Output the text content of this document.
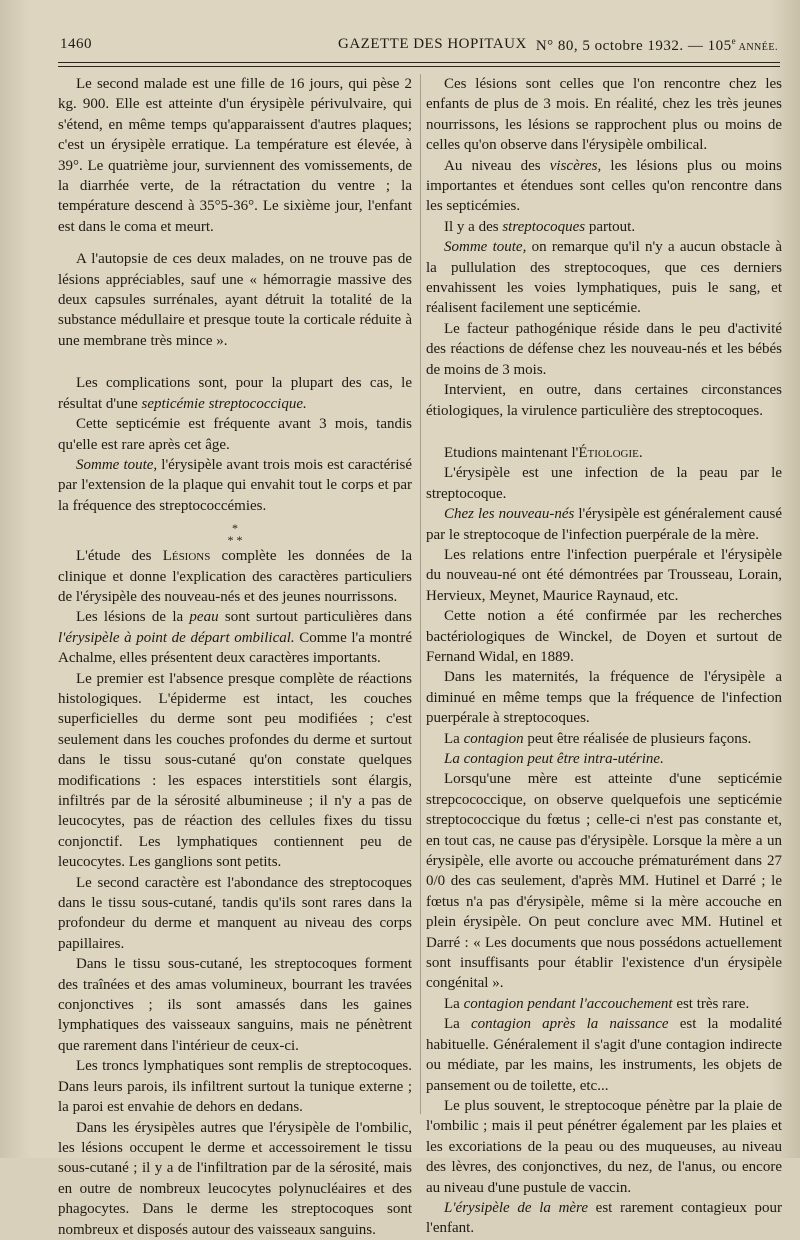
1460	GAZETTE DES HOPITAUX N° 80, 5 octobre 1932. — 105e ANNÉE.

Le second malade est une fille de 16 jours, qui pèse 2 kg. 900. Elle est atteinte d'un érysipèle périvulvaire, qui s'étend, en même temps qu'apparaissent d'autres plaques; c'est un érysipèle erratique. La température est élevée, à 39°. Le quatrième jour, surviennent des vomissements, de la diarrhée verte, de la rétractation du ventre ; la température descend à 35°5-36°. Le sixième jour, l'enfant est dans le coma et meurt.

A l'autopsie de ces deux malades, on ne trouve pas de lésions appréciables, sauf une « hémorragie massive des deux capsules surrénales, ayant détruit la totalité de la substance médullaire et presque toute la corticale réduite à une membrane très mince ».

Les complications sont, pour la plupart des cas, le résultat d'une septicémie streptococcique.

Cette septicémie est fréquente avant 3 mois, tandis qu'elle est rare après cet âge.

Somme toute, l'érysipèle avant trois mois est caractérisé par l'extension de la plaque qui envahit tout le corps et par la fréquence des streptococcémies.

*
* *

L'étude des Lésions complète les données de la clinique et donne l'explication des caractères particuliers de l'érysipèle des nouveau-nés et des jeunes nourrissons.

Les lésions de la peau sont surtout particulières dans l'érysipèle à point de départ ombilical. Comme l'a montré Achalme, elles présentent deux caractères importants.

Le premier est l'absence presque complète de réactions histologiques. L'épiderme est intact, les couches superficielles du derme sont peu modifiées ; c'est seulement dans les couches profondes du derme et surtout dans le tissu sous-cutané qu'on constate quelques modifications : les espaces interstitiels sont élargis, infiltrés par de la sérosité albumineuse ; il n'y a pas de leucocytes, pas de réaction des cellules fixes du tissu conjonctif. Les lymphatiques contiennent peu de leucocytes. Les ganglions sont petits.

Le second caractère est l'abondance des streptocoques dans le tissu sous-cutané, tandis qu'ils sont rares dans la profondeur du derme et manquent au niveau des corps papillaires.

Dans le tissu sous-cutané, les streptocoques forment des traînées et des amas volumineux, bourrant les travées conjonctives ; ils sont amassés dans les gaines lymphatiques des vaisseaux sanguins, mais ne pénètrent que rarement dans l'intérieur de ceux-ci.

Les troncs lymphatiques sont remplis de streptocoques. Dans leurs parois, ils infiltrent surtout la tunique externe ; la paroi est envahie de dehors en dedans.

Dans les érysipèles autres que l'érysipèle de l'ombilic, les lésions occupent le derme et accessoirement le tissu sous-cutané ; il y a de l'infiltration par de la sérosité, mais en outre de nombreux leucocytes polynucléaires et des phagocytes. Dans le derme les streptocoques sont nombreux et disposés autour des vaisseaux sanguins.

Ces lésions sont celles que l'on rencontre chez les enfants de plus de 3 mois. En réalité, chez les très jeunes nourrissons, les lésions se rapprochent plus ou moins de celles qu'on observe dans l'érysipèle ombilical.

Au niveau des viscères, les lésions plus ou moins importantes et étendues sont celles qu'on rencontre dans les septicémies.

Il y a des streptocoques partout.

Somme toute, on remarque qu'il n'y a aucun obstacle à la pullulation des streptocoques, que ces derniers envahissent les voies lymphatiques, puis le sang, et réalisent facilement une septicémie.

Le facteur pathogénique réside dans le peu d'activité des réactions de défense chez les nouveau-nés et les bébés de moins de 3 mois.

Intervient, en outre, dans certaines circonstances étiologiques, la virulence particulière des streptocoques.

Etudions maintenant l'Étiologie.

L'érysipèle est une infection de la peau par le streptocoque.

Chez les nouveau-nés l'érysipèle est généralement causé par le streptocoque de l'infection puerpérale de la mère.

Les relations entre l'infection puerpérale et l'érysipèle du nouveau-né ont été démontrées par Trousseau, Lorain, Hervieux, Meynet, Maurice Raynaud, etc.

Cette notion a été confirmée par les recherches bactériologiques de Winckel, de Doyen et surtout de Fernand Widal, en 1889.

Dans les maternités, la fréquence de l'érysipèle a diminué en même temps que la fréquence de l'infection puerpérale à streptocoques.

La contagion peut être réalisée de plusieurs façons.

La contagion peut être intra-utérine.

Lorsqu'une mère est atteinte d'une septicémie strepcococcique, on observe quelquefois une septicémie streptococcique du fœtus ; celle-ci n'est pas constante et, en tout cas, ne cause pas d'érysipèle. Lorsque la mère a un érysipèle, elle avorte ou accouche prématurément dans 27 0/0 des cas seulement, d'après MM. Hutinel et Darré ; le fœtus n'a pas d'érysipèle, même si la mère accouche en plein érysipèle. On peut conclure avec MM. Hutinel et Darré : « Les documents que nous possédons actuellement sont insuffisants pour établir l'existence d'un érysipèle congénital ».

La contagion pendant l'accouchement est très rare.

La contagion après la naissance est la modalité habituelle. Généralement il s'agit d'une contagion indirecte ou médiate, par les mains, les instruments, les objets de pansement ou de toilette, etc...

Le plus souvent, le streptocoque pénètre par la plaie de l'ombilic ; mais il peut pénétrer également par les plaies et les excoriations de la peau ou des muqueuses, au niveau des lèvres, des conjonctives, du nez, de l'anus, ou encore au niveau d'une pustule de vaccin.

L'érysipèle de la mère est rarement contagieux pour l'enfant.
